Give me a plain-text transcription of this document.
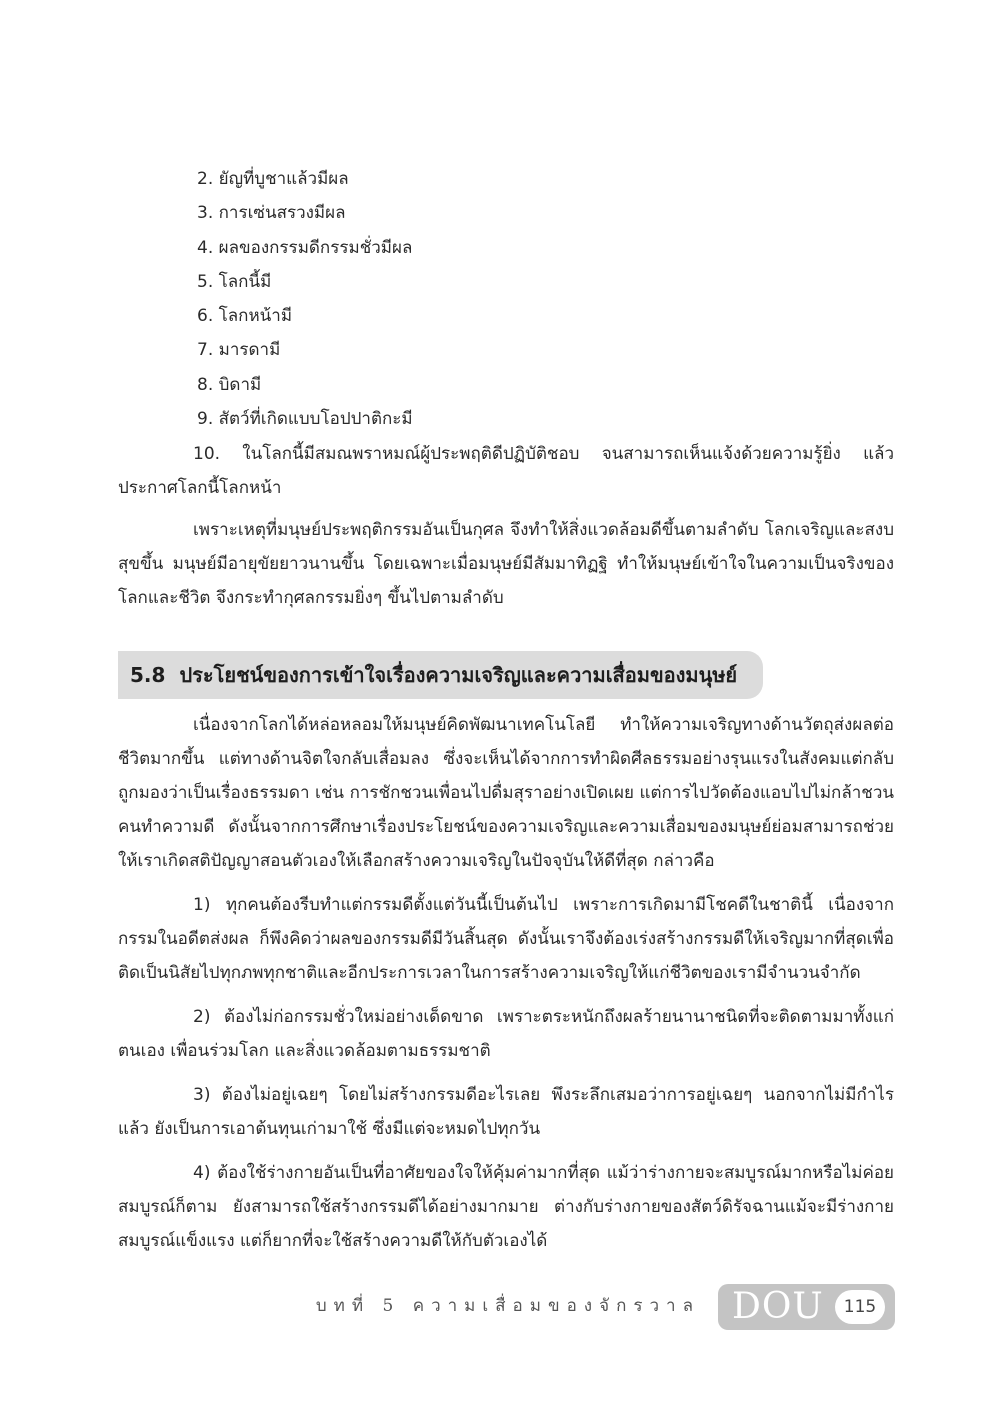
2. ยัญที่บูชาแล้วมีผล
3. การเซ่นสรวงมีผล
4. ผลของกรรมดีกรรมชั่วมีผล
5. โลกนี้มี
6. โลกหน้ามี
7. มารดามี
8. บิดามี
9. สัตว์ที่เกิดแบบโอปปาติกะมี
10. ในโลกนี้มีสมณพราหมณ์ผู้ประพฤติดีปฏิบัติชอบ จนสามารถเห็นแจ้งด้วยความรู้ยิ่ง แล้วประกาศโลกนี้โลกหน้า
เพราะเหตุที่มนุษย์ประพฤติกรรมอันเป็นกุศล จึงทำให้สิ่งแวดล้อมดีขึ้นตามลำดับ โลกเจริญและสงบสุขขึ้น มนุษย์มีอายุขัยยาวนานขึ้น โดยเฉพาะเมื่อมนุษย์มีสัมมาทิฏฐิ ทำให้มนุษย์เข้าใจในความเป็นจริงของโลกและชีวิต จึงกระทำกุศลกรรมยิ่งๆ ขึ้นไปตามลำดับ
5.8 ประโยชน์ของการเข้าใจเรื่องความเจริญและความเสื่อมของมนุษย์
เนื่องจากโลกได้หล่อหลอมให้มนุษย์คิดพัฒนาเทคโนโลยี ทำให้ความเจริญทางด้านวัตถุส่งผลต่อชีวิตมากขึ้น แต่ทางด้านจิตใจกลับเสื่อมลง ซึ่งจะเห็นได้จากการทำผิดศีลธรรมอย่างรุนแรงในสังคมแต่กลับถูกมองว่าเป็นเรื่องธรรมดา เช่น การชักชวนเพื่อนไปดื่มสุราอย่างเปิดเผย แต่การไปวัดต้องแอบไปไม่กล้าชวนคนทำความดี ดังนั้นจากการศึกษาเรื่องประโยชน์ของความเจริญและความเสื่อมของมนุษย์ย่อมสามารถช่วยให้เราเกิดสติปัญญาสอนตัวเองให้เลือกสร้างความเจริญในปัจจุบันให้ดีที่สุด กล่าวคือ
1) ทุกคนต้องรีบทำแต่กรรมดีตั้งแต่วันนี้เป็นต้นไป เพราะการเกิดมามีโชคดีในชาตินี้ เนื่องจากกรรมในอดีตส่งผล ก็พึงคิดว่าผลของกรรมดีมีวันสิ้นสุด ดังนั้นเราจึงต้องเร่งสร้างกรรมดีให้เจริญมากที่สุดเพื่อติดเป็นนิสัยไปทุกภพทุกชาติและอีกประการเวลาในการสร้างความเจริญให้แก่ชีวิตของเรามีจำนวนจำกัด
2) ต้องไม่ก่อกรรมชั่วใหม่อย่างเด็ดขาด เพราะตระหนักถึงผลร้ายนานาชนิดที่จะติดตามมาทั้งแก่ตนเอง เพื่อนร่วมโลก และสิ่งแวดล้อมตามธรรมชาติ
3) ต้องไม่อยู่เฉยๆ โดยไม่สร้างกรรมดีอะไรเลย พึงระลึกเสมอว่าการอยู่เฉยๆ นอกจากไม่มีกำไรแล้ว ยังเป็นการเอาต้นทุนเก่ามาใช้ ซึ่งมีแต่จะหมดไปทุกวัน
4) ต้องใช้ร่างกายอันเป็นที่อาศัยของใจให้คุ้มค่ามากที่สุด แม้ว่าร่างกายจะสมบูรณ์มากหรือไม่ค่อยสมบูรณ์ก็ตาม ยังสามารถใช้สร้างกรรมดีได้อย่างมากมาย ต่างกับร่างกายของสัตว์ดิรัจฉานแม้จะมีร่างกายสมบูรณ์แข็งแรง แต่ก็ยากที่จะใช้สร้างความดีให้กับตัวเองได้
บทที่ 5 ความเสื่อมของจักรวาล DOU	115
